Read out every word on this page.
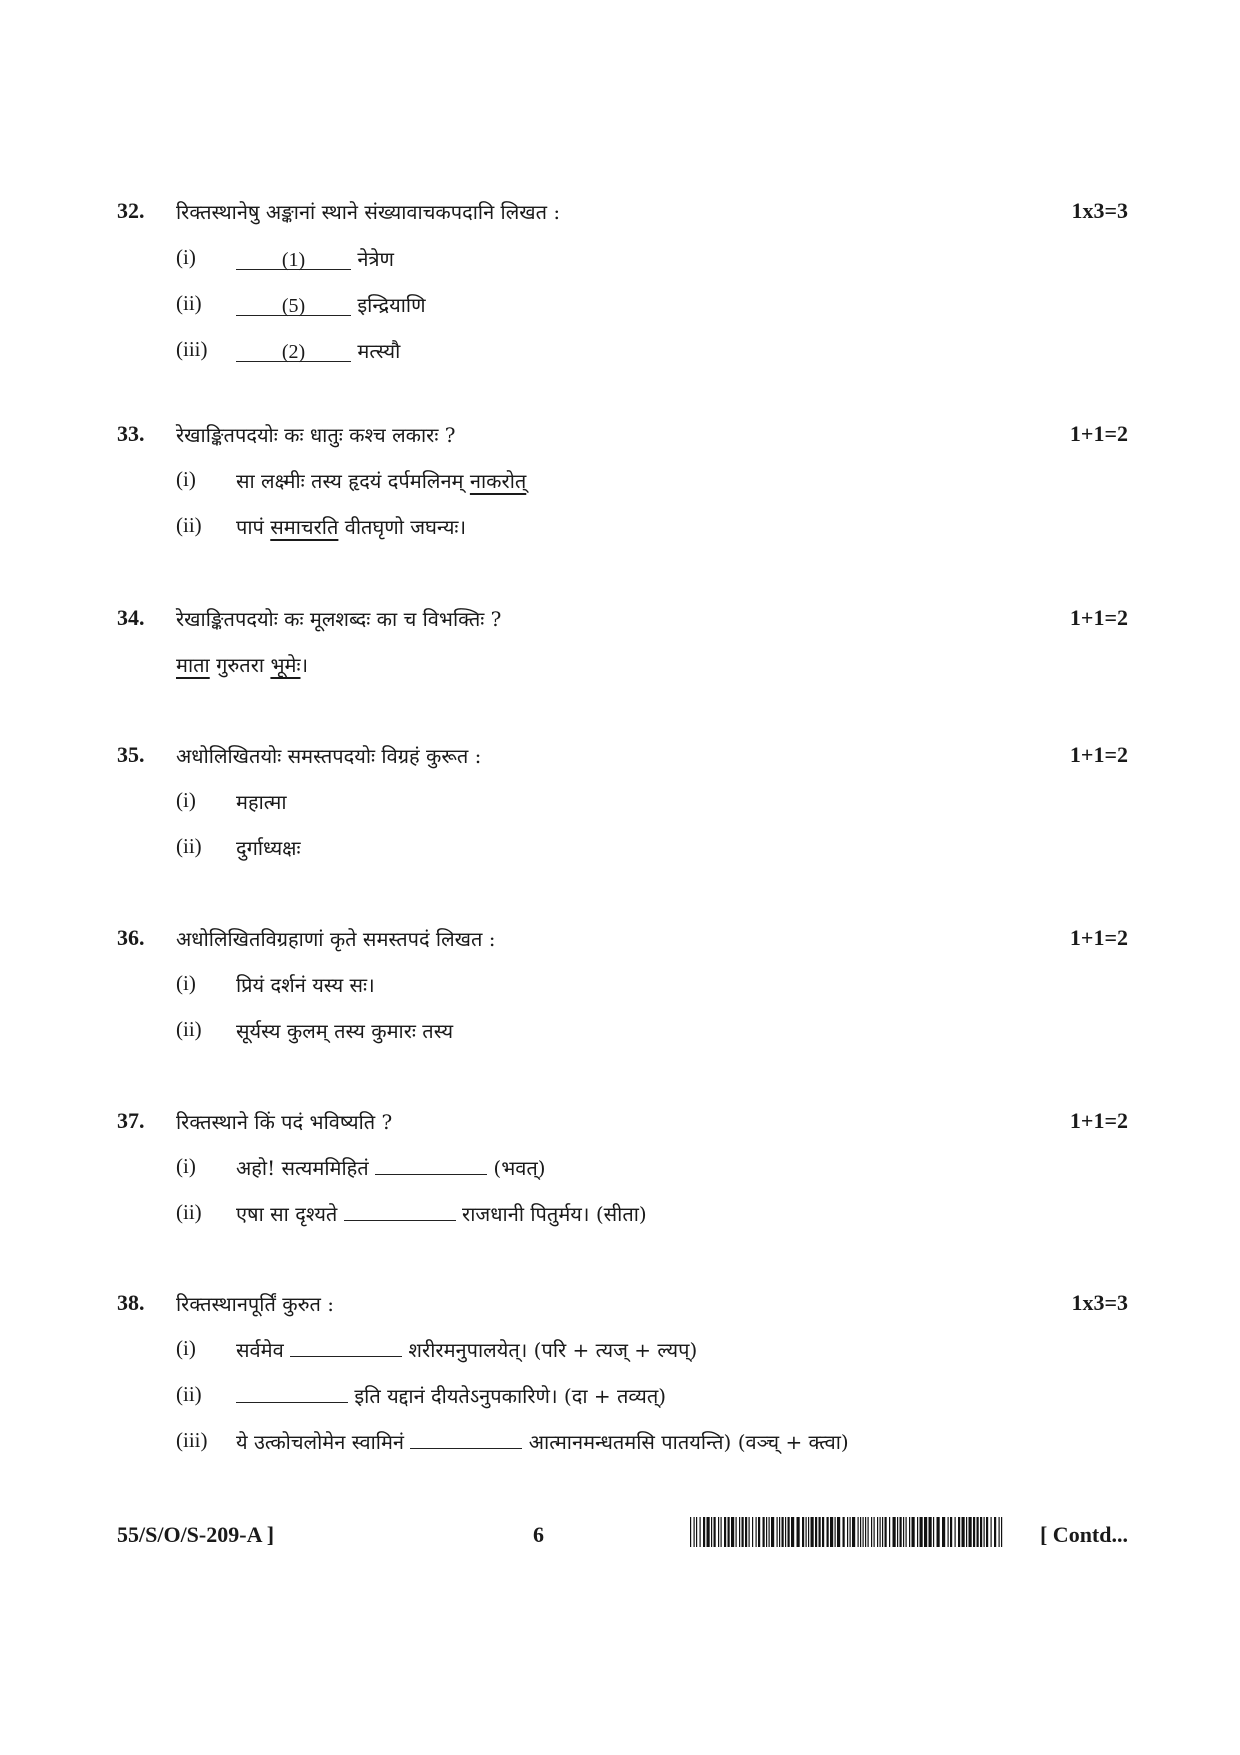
32. रिक्तस्थानेषु अङ्कानां स्थाने संख्यावाचकपदानि लिखत :	1x3=3
(i)	(1) नेत्रेण
(ii)	(5) इन्द्रियाणि
(iii)	(2) मत्स्यौ
33. रेखाङ्कितपदयोः कः धातुः कश्च लकारः ?	1+1=2
(i) सा लक्ष्मीः तस्य हृदयं दर्पमलिनम् नाकरोत्
(ii) पापं समाचरति वीतघृणो जघन्यः।
34. रेखाङ्कितपदयोः कः मूलशब्दः का च विभक्तिः ?	1+1=2
माता गुरुतरा भूमेः।
35. अधोलिखितयोः समस्तपदयोः विग्रहं कुरूत :	1+1=2
(i) महात्मा
(ii) दुर्गाध्यक्षः
36. अधोलिखितविग्रहाणां कृते समस्तपदं लिखत :	1+1=2
(i) प्रियं दर्शनं यस्य सः।
(ii) सूर्यस्य कुलम् तस्य कुमारः तस्य
37. रिक्तस्थाने किं पदं भविष्यति ?	1+1=2
(i) अहो! सत्यममिहितं	(भवत्)
(ii) एषा सा दृश्यते	राजधानी पितुर्मय। (सीता)
38. रिक्तस्थानपूर्तिं कुरुत :	1x3=3
(i) सर्वमेव	शरीरमनुपालयेत्। (परि + त्यज् + ल्यप्)
(ii)	इति यद्दानं दीयतेऽनुपकारिणे। (दा + तव्यत्)
(iii) ये उत्कोचलोमेन स्वामिनं	आत्मानमन्धतमसि पातयन्ति) (वञ्च् + क्त्वा)
55/S/O/S-209-A ]	6	[ Contd...
